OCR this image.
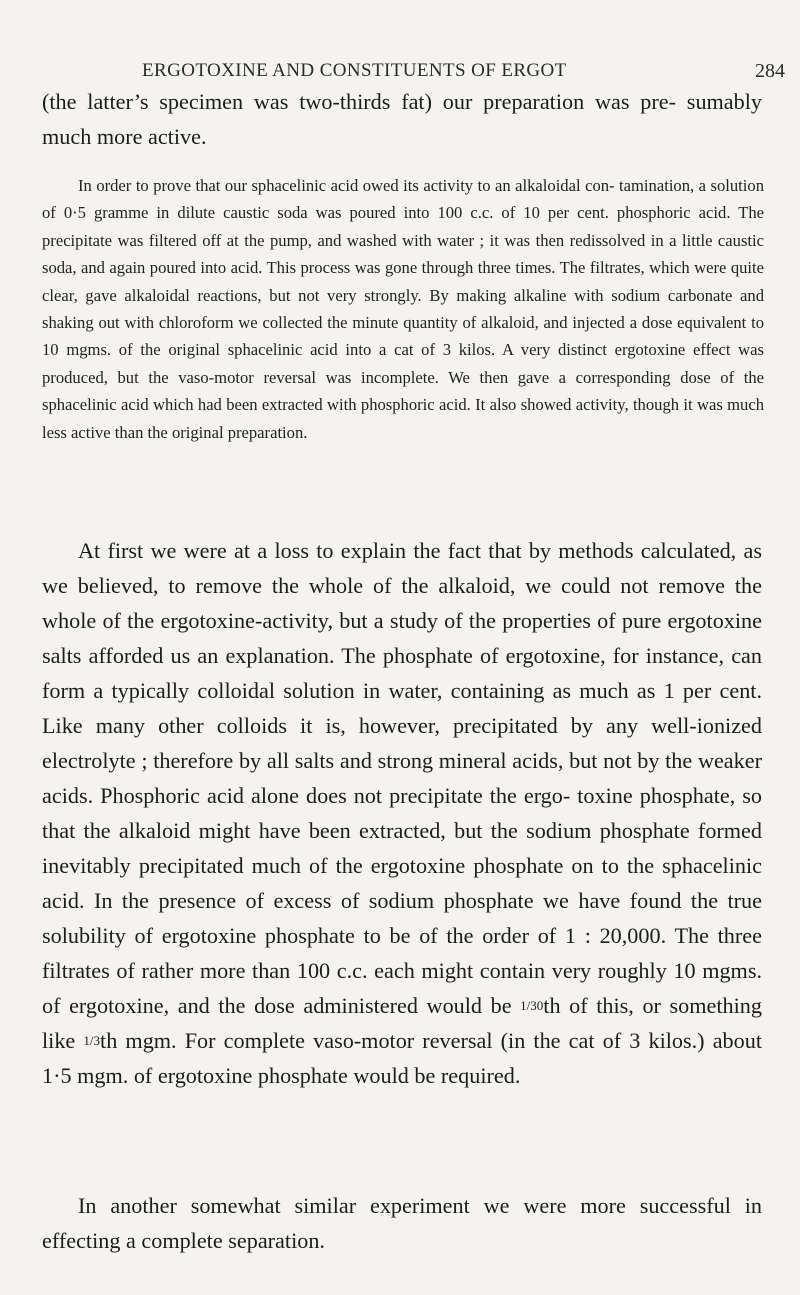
ERGOTOXINE AND CONSTITUENTS OF ERGOT	284

(the latter’s specimen was two-thirds fat) our preparation was pre- sumably much more active.

In order to prove that our sphacelinic acid owed its activity to an alkaloidal con- tamination, a solution of 0·5 gramme in dilute caustic soda was poured into 100 c.c. of 10 per cent. phosphoric acid. The precipitate was filtered off at the pump, and washed with water ; it was then redissolved in a little caustic soda, and again poured into acid. This process was gone through three times. The filtrates, which were quite clear, gave alkaloidal reactions, but not very strongly. By making alkaline with sodium carbonate and shaking out with chloroform we collected the minute quantity of alkaloid, and injected a dose equivalent to 10 mgms. of the original sphacelinic acid into a cat of 3 kilos. A very distinct ergotoxine effect was produced, but the vaso-motor reversal was incomplete. We then gave a corresponding dose of the sphacelinic acid which had been extracted with phosphoric acid. It also showed activity, though it was much less active than the original preparation.

At first we were at a loss to explain the fact that by methods calculated, as we believed, to remove the whole of the alkaloid, we could not remove the whole of the ergotoxine-activity, but a study of the properties of pure ergotoxine salts afforded us an explanation. The phosphate of ergotoxine, for instance, can form a typically colloidal solution in water, containing as much as 1 per cent. Like many other colloids it is, however, precipitated by any well-ionized electrolyte ; therefore by all salts and strong mineral acids, but not by the weaker acids. Phosphoric acid alone does not precipitate the ergo- toxine phosphate, so that the alkaloid might have been extracted, but the sodium phosphate formed inevitably precipitated much of the ergotoxine phosphate on to the sphacelinic acid. In the presence of excess of sodium phosphate we have found the true solubility of ergotoxine phosphate to be of the order of 1 : 20,000. The three filtrates of rather more than 100 c.c. each might contain very roughly 10 mgms. of ergotoxine, and the dose administered would be 1/30th of this, or something like 1/3th mgm. For complete vaso-motor reversal (in the cat of 3 kilos.) about 1·5 mgm. of ergotoxine phosphate would be required.

In another somewhat similar experiment we were more successful in effecting a complete separation.
